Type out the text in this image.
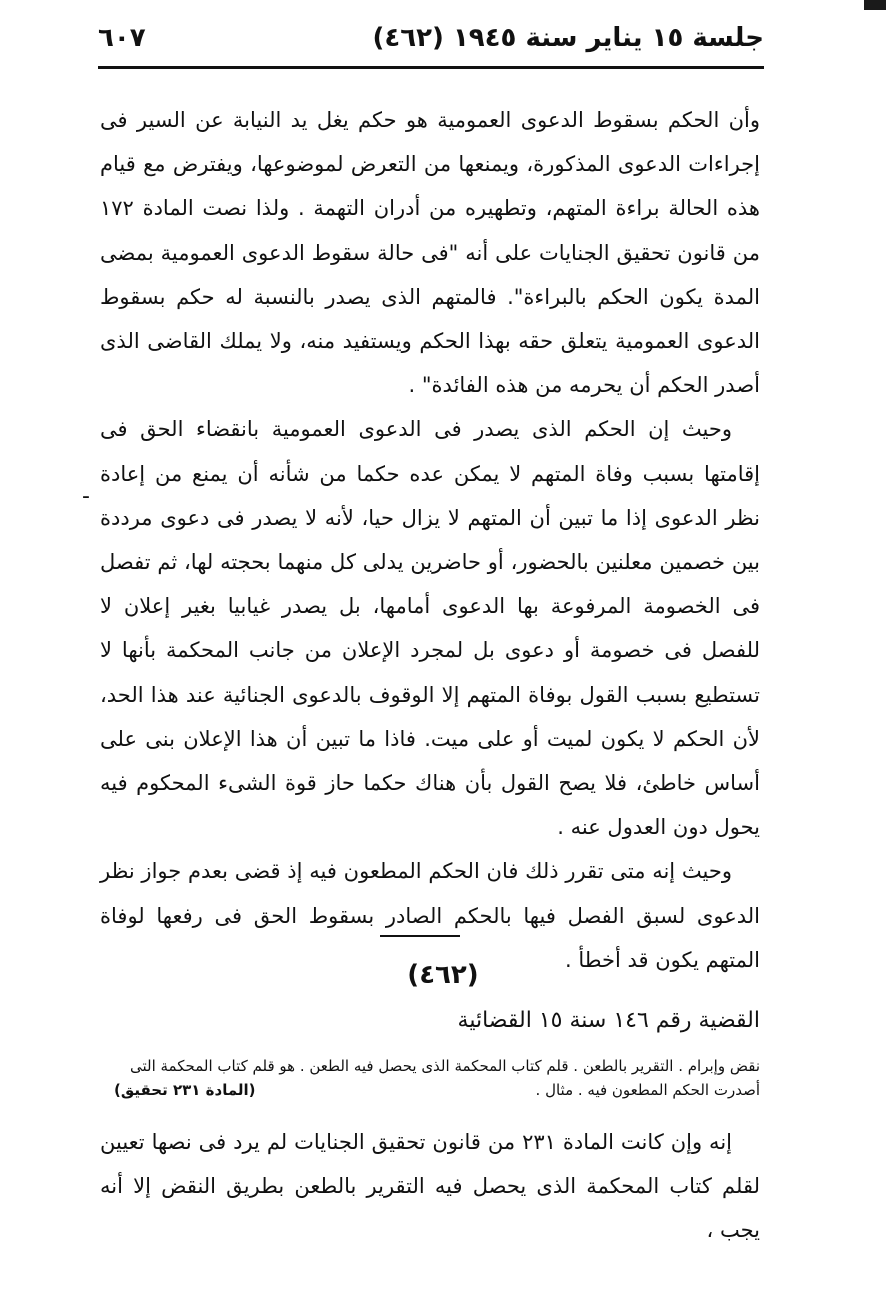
جلسة ١٥ يناير سنة ١٩٤٥ (٤٦٢)
٦٠٧

وأن الحكم بسقوط الدعوى العمومية هو حكم يغل يد النيابة عن السير فى إجراءات الدعوى المذكورة، ويمنعها من التعرض لموضوعها، ويفترض مع قيام هذه الحالة براءة المتهم، وتطهيره من أدران التهمة . ولذا نصت المادة ١٧٢ من قانون تحقيق الجنايات على أنه "فى حالة سقوط الدعوى العمومية بمضى المدة يكون الحكم بالبراءة". فالمتهم الذى يصدر بالنسبة له حكم بسقوط الدعوى العمومية يتعلق حقه بهذا الحكم ويستفيد منه، ولا يملك القاضى الذى أصدر الحكم أن يحرمه من هذه الفائدة" .

وحيث إن الحكم الذى يصدر فى الدعوى العمومية بانقضاء الحق فى إقامتها بسبب وفاة المتهم لا يمكن عده حكما من شأنه أن يمنع من إعادة نظر الدعوى إذا ما تبين أن المتهم لا يزال حيا، لأنه لا يصدر فى دعوى مرددة بين خصمين معلنين بالحضور، أو حاضرين يدلى كل منهما بحجته لها، ثم تفصل فى الخصومة المرفوعة بها الدعوى أمامها، بل يصدر غيابيا بغير إعلان لا للفصل فى خصومة أو دعوى بل لمجرد الإعلان من جانب المحكمة بأنها لا تستطيع بسبب القول بوفاة المتهم إلا الوقوف بالدعوى الجنائية عند هذا الحد، لأن الحكم لا يكون لميت أو على ميت. فاذا ما تبين أن هذا الإعلان بنى على أساس خاطئ، فلا يصح القول بأن هناك حكما حاز قوة الشىء المحكوم فيه يحول دون العدول عنه .

وحيث إنه متى تقرر ذلك فان الحكم المطعون فيه إذ قضى بعدم جواز نظر الدعوى لسبق الفصل فيها بالحكم الصادر بسقوط الحق فى رفعها لوفاة المتهم يكون قد أخطأ .

-
(٤٦٢)
القضية رقم ١٤٦ سنة ١٥ القضائية
نقض وإبرام . التقرير بالطعن . قلم كتاب المحكمة الذى يحصل فيه الطعن . هو قلم كتاب المحكمة التى
أصدرت الحكم المطعون فيه . مثال .
(المادة ٢٣١ تحقيق)

إنه وإن كانت المادة ٢٣١ من قانون تحقيق الجنايات لم يرد فى نصها تعيين لقلم كتاب المحكمة الذى يحصل فيه التقرير بالطعن بطريق النقض إلا أنه يجب ،
